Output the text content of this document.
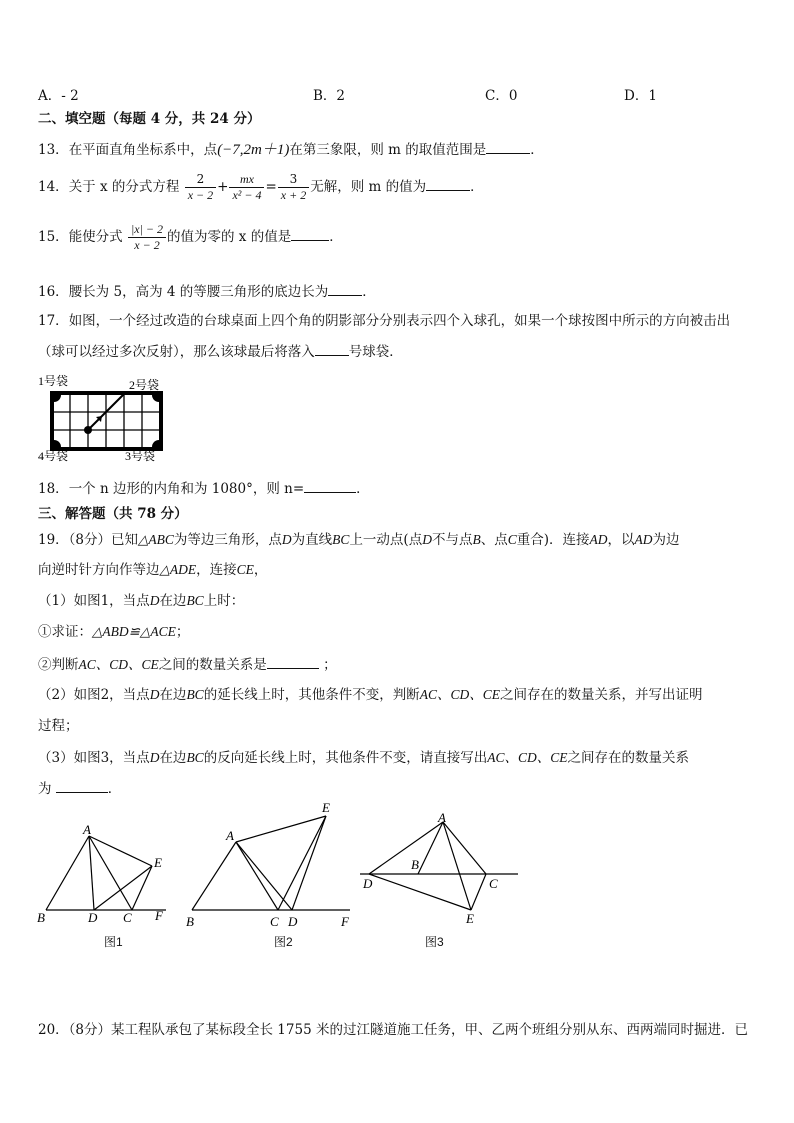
A．- 2	B．2	C．0	D．1
二、填空题（每题 4 分，共 24 分）
13．在平面直角坐标系中，点(−7,2m＋1)在第三象限，则 m 的取值范围是	．
14．关于 x 的分式方程 $\frac{2}{x - 2} + \frac{mx}{\text{x² − 4}} = \frac{3}{x + 2}$ 无解，则 m 的值为	．
15．能使分式 $\frac{|x| - 2}{x - 2}$ 的值为零的 x 的值是	．
16．腰长为 5，高为 4 的等腰三角形的底边长为	．
17．如图，一个经过改造的台球桌面上四个角的阴影部分分别表示四个入球孔，如果一个球按图中所示的方向被击出
（球可以经过多次反射），那么该球最后将落入	号球袋．
1号袋	2号袋
4号袋	3号袋
18．一个 n 边形的内角和为 1080°，则 n=	．
三、解答题（共 78 分）
19．（8分）已知△ABC为等边三角形，点D为直线BC上一动点(点D不与点B、点C重合)．连接AD，以AD为边
向逆时针方向作等边△ADE，连接CE，
（1）如图1，当点D在边BC上时：
①求证：△ABD≌△ACE；
②判断AC、CD、CE之间的数量关系是	；
（2）如图2，当点D在边BC的延长线上时，其他条件不变，判断AC、CD、CE之间存在的数量关系，并写出证明
过程；
（3）如图3，当点D在边BC的反向延长线上时，其他条件不变，请直接写出AC、CD、CE之间存在的数量关系
为	．
A
B	D C F
E
图1
A
E
B	C D	F
图2
A
B
D	C
E
图3
20．（8分）某工程队承包了某标段全长 1755 米的过江隧道施工任务，甲、乙两个班组分别从东、西两端同时掘进．已
